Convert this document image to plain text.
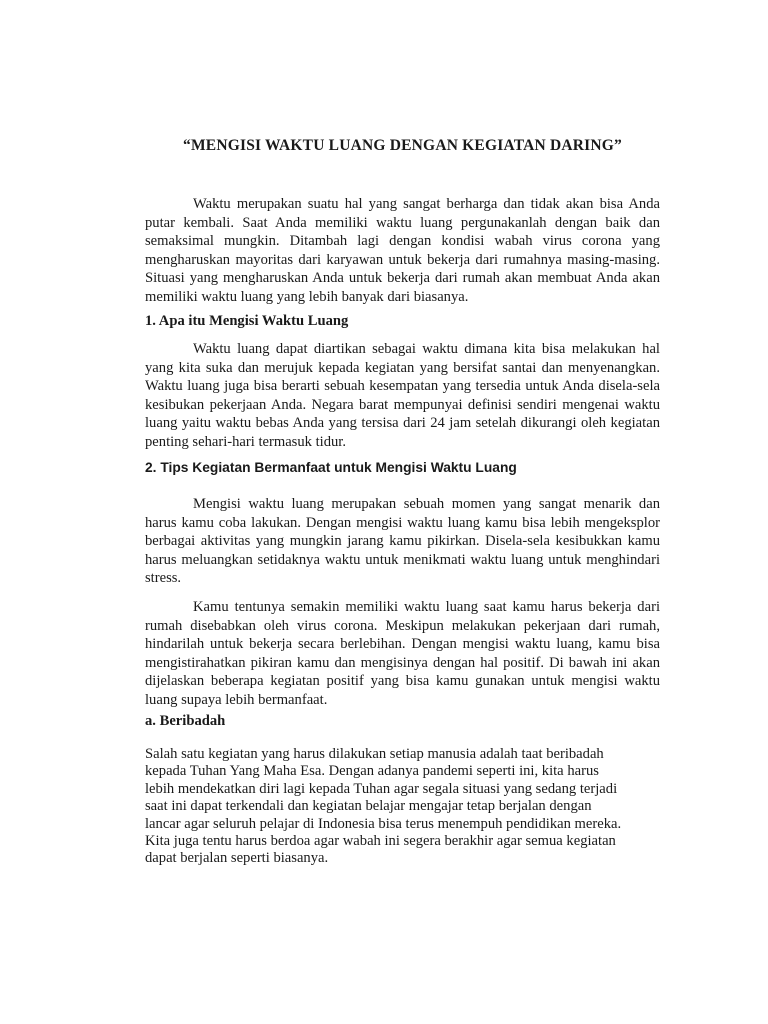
“MENGISI WAKTU LUANG DENGAN KEGIATAN DARING”

Waktu merupakan suatu hal yang sangat berharga dan tidak akan bisa Anda putar kembali. Saat Anda memiliki waktu luang pergunakanlah dengan baik dan semaksimal mungkin. Ditambah lagi dengan kondisi wabah virus corona yang mengharuskan mayoritas dari karyawan untuk bekerja dari rumahnya masing-masing. Situasi yang mengharuskan Anda untuk bekerja dari rumah akan membuat Anda akan memiliki waktu luang yang lebih banyak dari biasanya.

1. Apa itu Mengisi Waktu Luang

Waktu luang dapat diartikan sebagai waktu dimana kita bisa melakukan hal yang kita suka dan merujuk kepada kegiatan yang bersifat santai dan menyenangkan. Waktu luang juga bisa berarti sebuah kesempatan yang tersedia untuk Anda disela-sela kesibukan pekerjaan Anda. Negara barat mempunyai definisi sendiri mengenai waktu luang yaitu waktu bebas Anda yang tersisa dari 24 jam setelah dikurangi oleh kegiatan penting sehari-hari termasuk tidur.

2. Tips Kegiatan Bermanfaat untuk Mengisi Waktu Luang

Mengisi waktu luang merupakan sebuah momen yang sangat menarik dan harus kamu coba lakukan. Dengan mengisi waktu luang kamu bisa lebih mengeksplor berbagai aktivitas yang mungkin jarang kamu pikirkan. Disela-sela kesibukkan kamu harus meluangkan setidaknya waktu untuk menikmati waktu luang untuk menghindari stress.

Kamu tentunya semakin memiliki waktu luang saat kamu harus bekerja dari rumah disebabkan oleh virus corona. Meskipun melakukan pekerjaan dari rumah, hindarilah untuk bekerja secara berlebihan. Dengan mengisi waktu luang, kamu bisa mengistirahatkan pikiran kamu dan mengisinya dengan hal positif. Di bawah ini akan dijelaskan beberapa kegiatan positif yang bisa kamu gunakan untuk mengisi waktu luang supaya lebih bermanfaat.

a. Beribadah
Salah satu kegiatan yang harus dilakukan setiap manusia adalah taat beribadah
kepada Tuhan Yang Maha Esa. Dengan adanya pandemi seperti ini, kita harus
lebih mendekatkan diri lagi kepada Tuhan agar segala situasi yang sedang terjadi
saat ini dapat terkendali dan kegiatan belajar mengajar tetap berjalan dengan
lancar agar seluruh pelajar di Indonesia bisa terus menempuh pendidikan mereka.
Kita juga tentu harus berdoa agar wabah ini segera berakhir agar semua kegiatan
dapat berjalan seperti biasanya.
